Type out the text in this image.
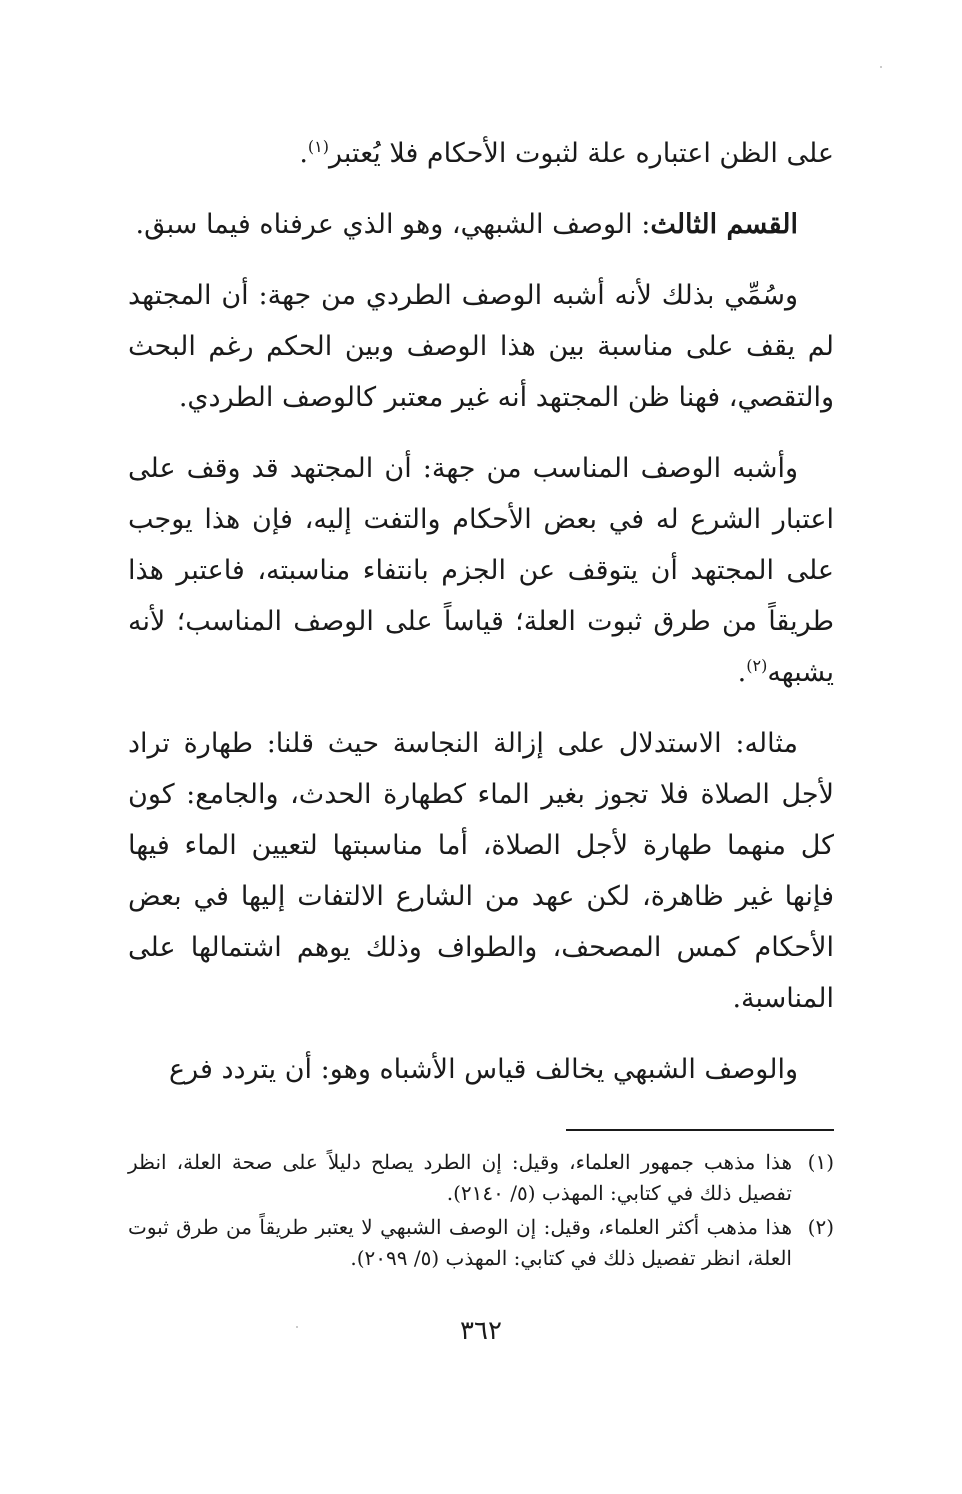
على الظن اعتباره علة لثبوت الأحكام فلا يُعتبر$^{(١)}$.

القسم الثالث: الوصف الشبهي، وهو الذي عرفناه فيما سبق.

وسُمِّي بذلك لأنه أشبه الوصف الطردي من جهة: أن المجتهد لم يقف على مناسبة بين هذا الوصف وبين الحكم رغم البحث والتقصي، فهنا ظن المجتهد أنه غير معتبر كالوصف الطردي.

وأشبه الوصف المناسب من جهة: أن المجتهد قد وقف على اعتبار الشرع له في بعض الأحكام والتفت إليه، فإن هذا يوجب على المجتهد أن يتوقف عن الجزم بانتفاء مناسبته، فاعتبر هذا طريقاً من طرق ثبوت العلة؛ قياساً على الوصف المناسب؛ لأنه يشبهه$^{(٢)}$.

مثاله: الاستدلال على إزالة النجاسة حيث قلنا: طهارة تراد لأجل الصلاة فلا تجوز بغير الماء كطهارة الحدث، والجامع: كون كل منهما طهارة لأجل الصلاة، أما مناسبتها لتعيين الماء فيها فإنها غير ظاهرة، لكن عهد من الشارع الالتفات إليها في بعض الأحكام كمس المصحف، والطواف وذلك يوهم اشتمالها على المناسبة.

والوصف الشبهي يخالف قياس الأشباه وهو: أن يتردد فرع

(١)
هذا مذهب جمهور العلماء، وقيل: إن الطرد يصلح دليلاً على صحة العلة، انظر تفصيل ذلك في كتابي: المهذب (٥/ ٢١٤٠).

(٢)
هذا مذهب أكثر العلماء، وقيل: إن الوصف الشبهي لا يعتبر طريقاً من طرق ثبوت العلة، انظر تفصيل ذلك في كتابي: المهذب (٥/ ٢٠٩٩).

٣٦٢
